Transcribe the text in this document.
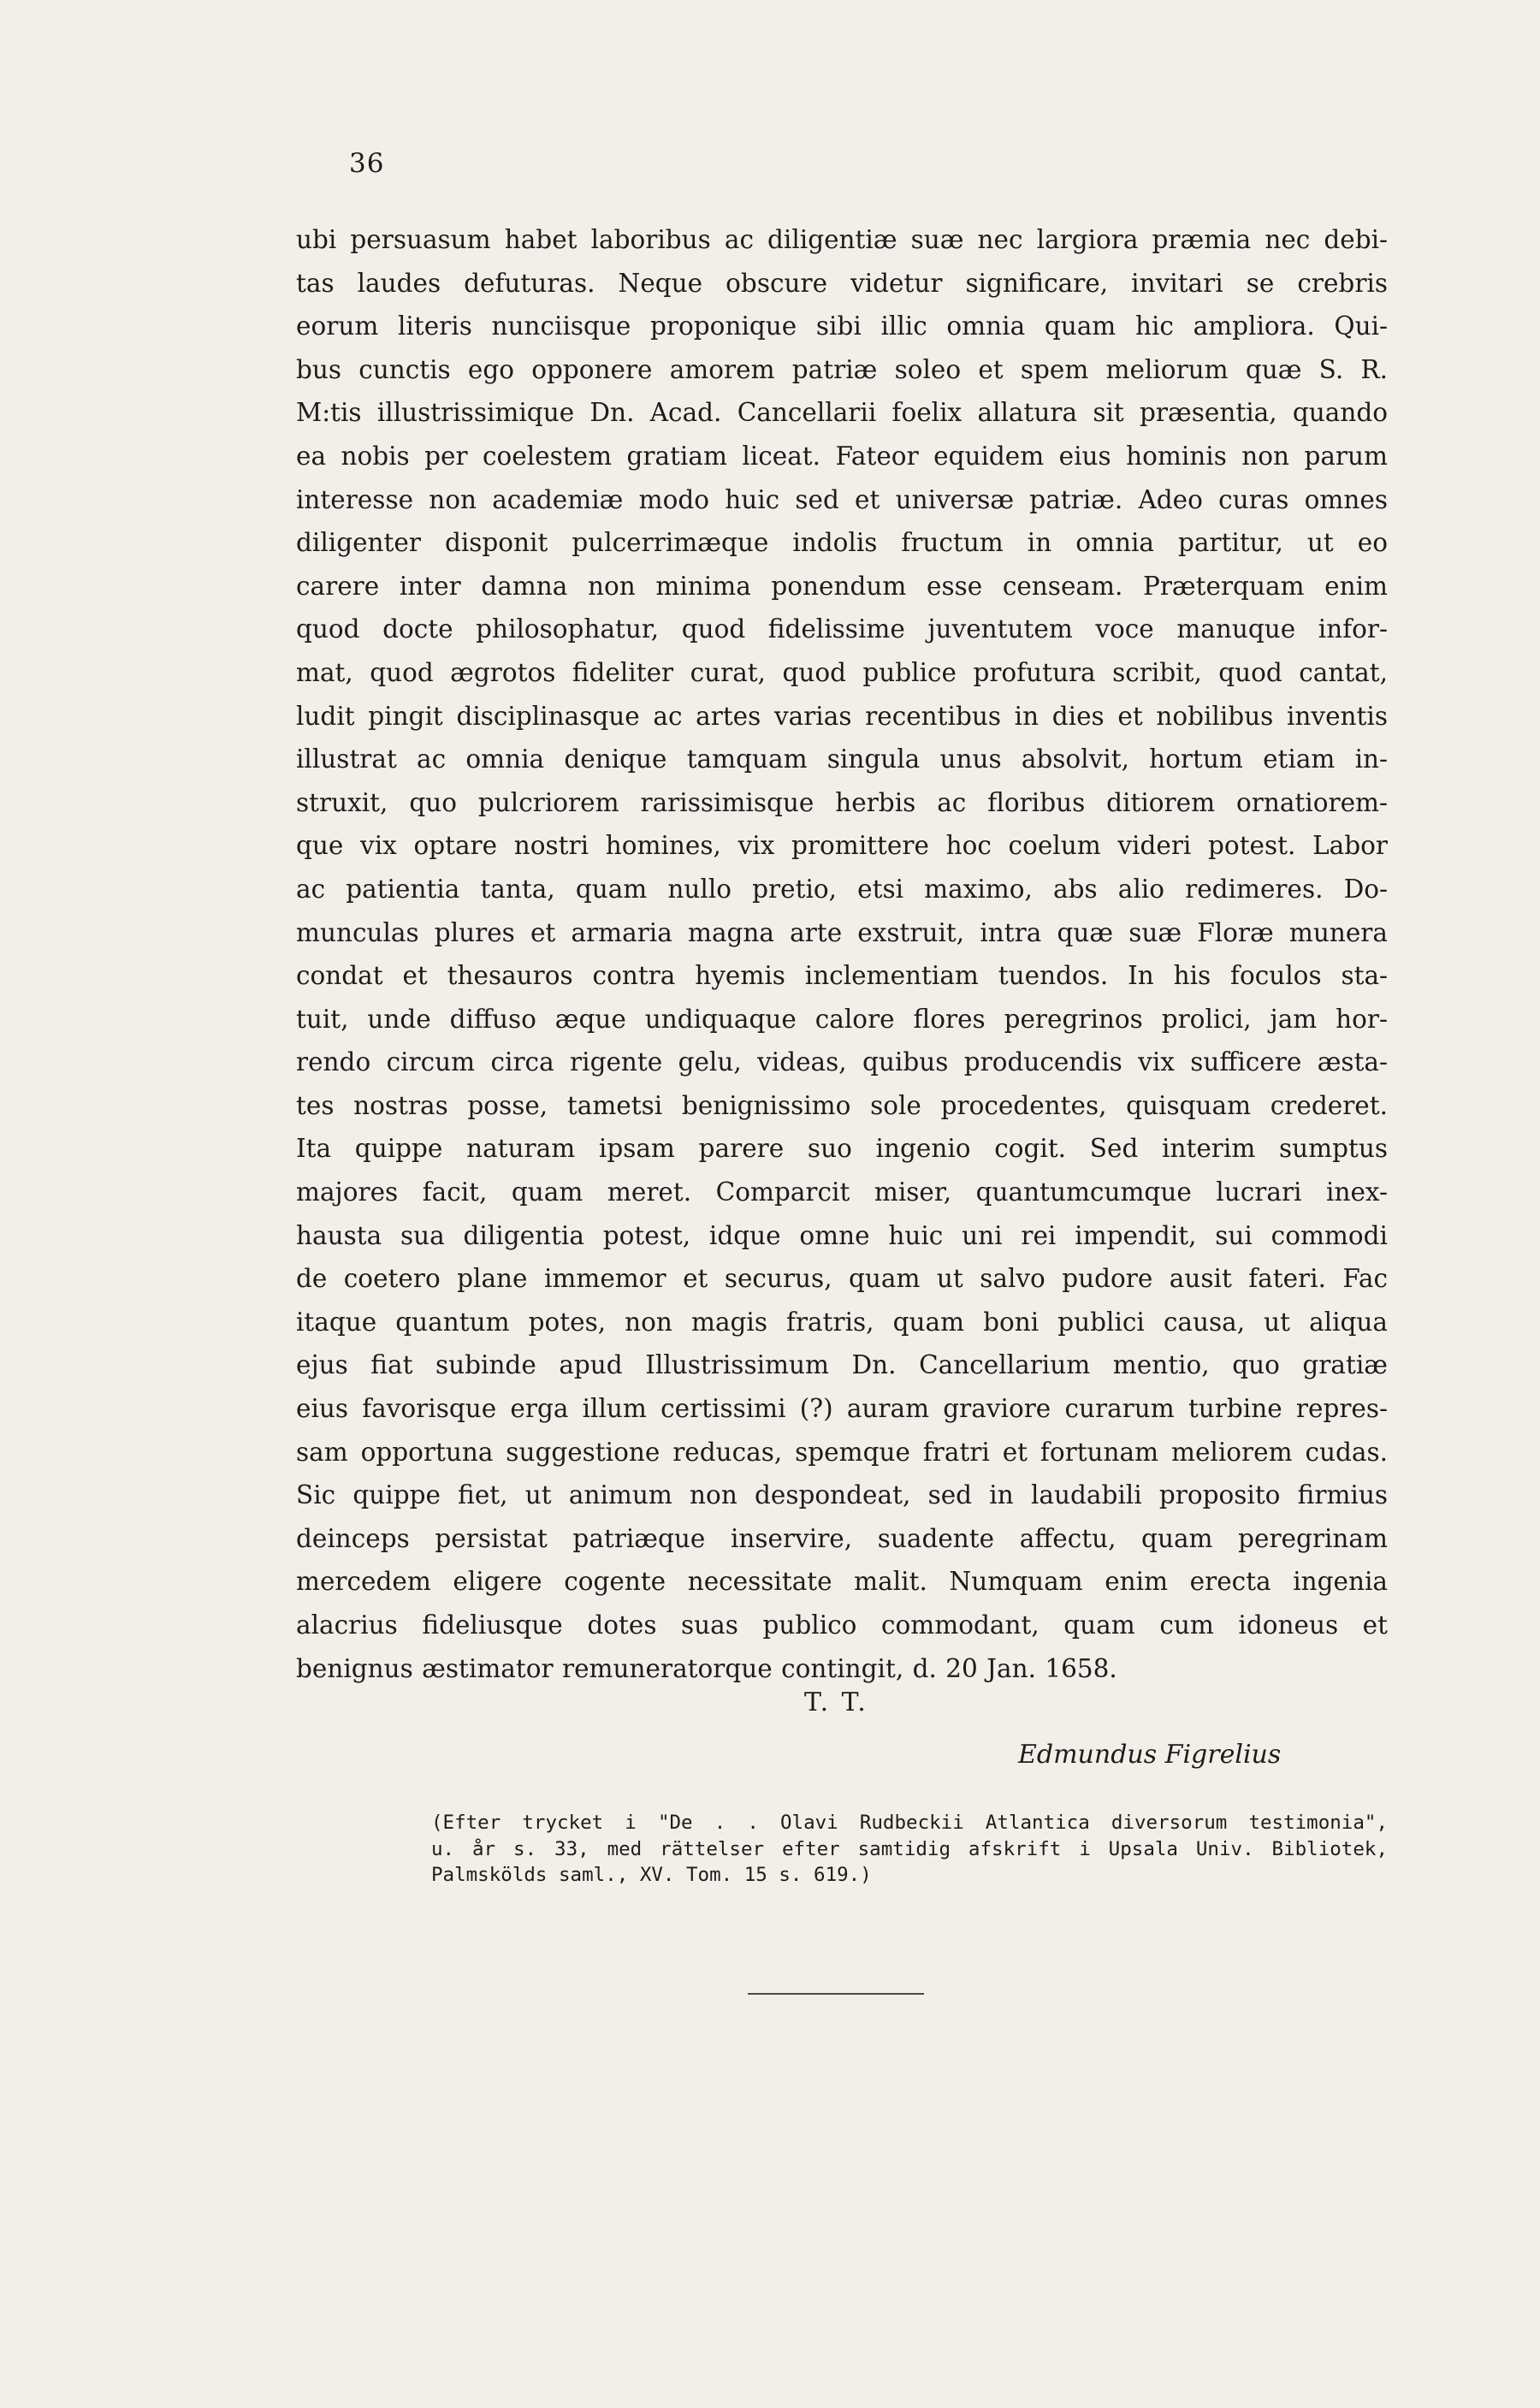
36
ubi persuasum habet laboribus ac diligentiæ suæ nec largiora præmia nec debi-
tas laudes defuturas. Neque obscure videtur significare, invitari se crebris
eorum literis nunciisque proponique sibi illic omnia quam hic ampliora. Qui-
bus cunctis ego opponere amorem patriæ soleo et spem meliorum quæ S. R.
M:tis illustrissimique Dn. Acad. Cancellarii foelix allatura sit præsentia, quando
ea nobis per coelestem gratiam liceat. Fateor equidem eius hominis non parum
interesse non academiæ modo huic sed et universæ patriæ. Adeo curas omnes
diligenter disponit pulcerrimæque indolis fructum in omnia partitur, ut eo
carere inter damna non minima ponendum esse censeam. Præterquam enim
quod docte philosophatur, quod fidelissime juventutem voce manuque infor-
mat, quod ægrotos fideliter curat, quod publice profutura scribit, quod cantat,
ludit pingit disciplinasque ac artes varias recentibus in dies et nobilibus inventis
illustrat ac omnia denique tamquam singula unus absolvit, hortum etiam in-
struxit, quo pulcriorem rarissimisque herbis ac floribus ditiorem ornatiorem-
que vix optare nostri homines, vix promittere hoc coelum videri potest. Labor
ac patientia tanta, quam nullo pretio, etsi maximo, abs alio redimeres. Do-
munculas plures et armaria magna arte exstruit, intra quæ suæ Floræ munera
condat et thesauros contra hyemis inclementiam tuendos. In his foculos sta-
tuit, unde diffuso æque undiquaque calore flores peregrinos prolici, jam hor-
rendo circum circa rigente gelu, videas, quibus producendis vix sufficere æsta-
tes nostras posse, tametsi benignissimo sole procedentes, quisquam crederet.
Ita quippe naturam ipsam parere suo ingenio cogit. Sed interim sumptus
majores facit, quam meret. Comparcit miser, quantumcumque lucrari inex-
hausta sua diligentia potest, idque omne huic uni rei impendit, sui commodi
de coetero plane immemor et securus, quam ut salvo pudore ausit fateri. Fac
itaque quantum potes, non magis fratris, quam boni publici causa, ut aliqua
ejus fiat subinde apud Illustrissimum Dn. Cancellarium mentio, quo gratiæ
eius favorisque erga illum certissimi (?) auram graviore curarum turbine repres-
sam opportuna suggestione reducas, spemque fratri et fortunam meliorem cudas.
Sic quippe fiet, ut animum non despondeat, sed in laudabili proposito firmius
deinceps persistat patriæque inservire, suadente affectu, quam peregrinam
mercedem eligere cogente necessitate malit. Numquam enim erecta ingenia
alacrius fideliusque dotes suas publico commodant, quam cum idoneus et
benignus æstimator remuneratorque contingit, d. 20 Jan. 1658.
T. T.
Edmundus Figrelius
(Efter trycket i "De . . Olavi Rudbeckii Atlantica diversorum testimonia",
u. år s. 33, med rättelser efter samtidig afskrift i Upsala Univ. Bibliotek,
Palmskölds saml., XV. Tom. 15 s. 619.)
